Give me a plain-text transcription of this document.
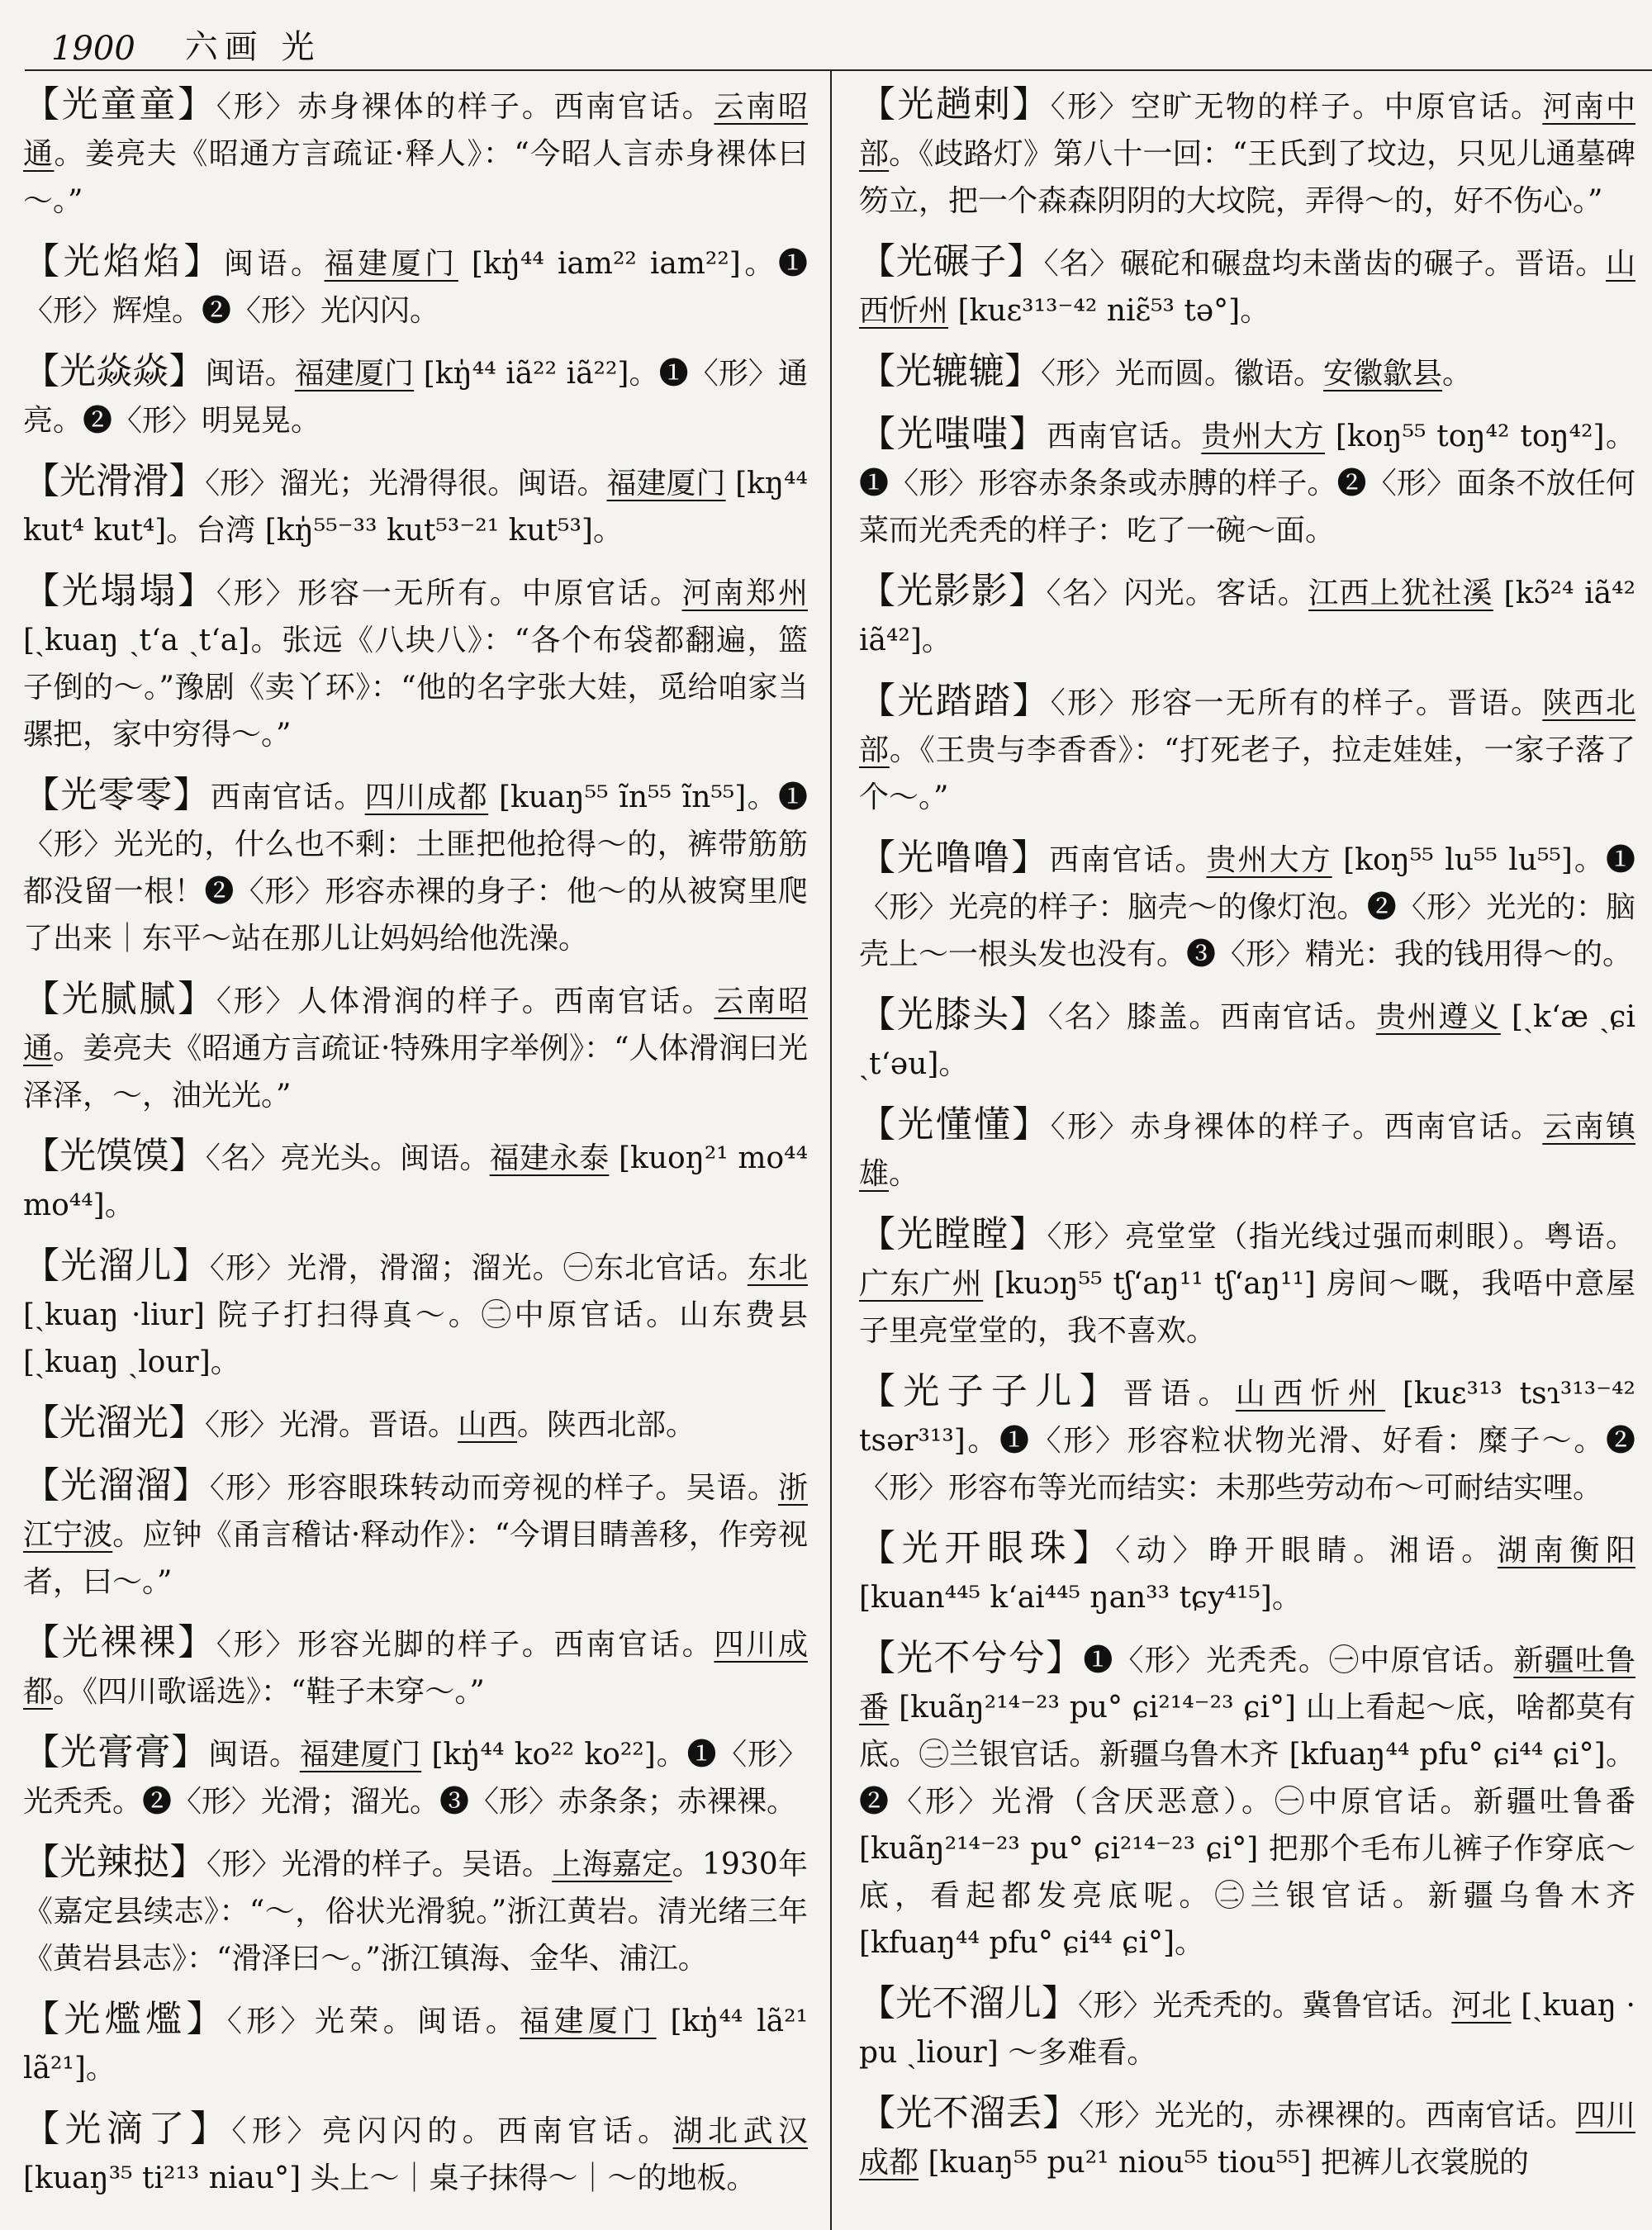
1900 六画 光

【光童童】〈形〉赤身裸体的样子。西南官话。云南昭通。姜亮夫《昭通方言疏证·释人》：“今昭人言赤身裸体曰～。”

【光焰焰】闽语。福建厦门 [kŋ̍⁴⁴ iam²² iam²²]。❶〈形〉辉煌。❷〈形〉光闪闪。

【光焱焱】闽语。福建厦门 [kŋ̍⁴⁴ iã²² iã²²]。❶〈形〉通亮。❷〈形〉明晃晃。

【光滑滑】〈形〉溜光；光滑得很。闽语。福建厦门 [kŋ⁴⁴ kut⁴ kut⁴]。台湾 [kŋ̍⁵⁵⁻³³ kut⁵³⁻²¹ kut⁵³]。

【光塌塌】〈形〉形容一无所有。中原官话。河南郑州 [ˏkuaŋ ˏt‘a ˏt‘a]。张远《八块八》：“各个布袋都翻遍，篮子倒的～。”豫剧《卖丫环》：“他的名字张大娃，觅给咱家当骡把，家中穷得～。”

【光零零】西南官话。四川成都 [kuaŋ⁵⁵ ĩn⁵⁵ ĩn⁵⁵]。❶〈形〉光光的，什么也不剩：土匪把他抢得～的，裤带筋筋都没留一根！❷〈形〉形容赤裸的身子：他～的从被窝里爬了出来｜东平～站在那儿让妈妈给他洗澡。

【光腻腻】〈形〉人体滑润的样子。西南官话。云南昭通。姜亮夫《昭通方言疏证·特殊用字举例》：“人体滑润曰光泽泽，～，油光光。”

【光馍馍】〈名〉亮光头。闽语。福建永泰 [kuoŋ²¹ mo⁴⁴ mo⁴⁴]。

【光溜儿】〈形〉光滑，滑溜；溜光。㊀东北官话。东北 [ˏkuaŋ ·liur] 院子打扫得真～。㊁中原官话。山东费县 [ˏkuaŋ ˏlour]。

【光溜光】〈形〉光滑。晋语。山西。陕西北部。

【光溜溜】〈形〉形容眼珠转动而旁视的样子。吴语。浙江宁波。应钟《甬言稽诂·释动作》：“今谓目睛善移，作旁视者，曰～。”

【光裸裸】〈形〉形容光脚的样子。西南官话。四川成都。《四川歌谣选》：“鞋子未穿～。”

【光膏膏】闽语。福建厦门 [kŋ̍⁴⁴ ko²² ko²²]。❶〈形〉光秃秃。❷〈形〉光滑；溜光。❸〈形〉赤条条；赤裸裸。

【光辣挞】〈形〉光滑的样子。吴语。上海嘉定。1930年《嘉定县续志》：“～，俗状光滑貌。”浙江黄岩。清光绪三年《黄岩县志》：“滑泽曰～。”浙江镇海、金华、浦江。

【光爁爁】〈形〉光荣。闽语。福建厦门 [kŋ̍⁴⁴ lã²¹ lã²¹]。

【光滴了】〈形〉亮闪闪的。西南官话。湖北武汉 [kuaŋ³⁵ ti²¹³ niau°] 头上～｜桌子抹得～｜～的地板。

【光趟剌】〈形〉空旷无物的样子。中原官话。河南中部。《歧路灯》第八十一回：“王氏到了坟边，只见儿通墓碑笏立，把一个森森阴阴的大坟院，弄得～的，好不伤心。”

【光碾子】〈名〉碾砣和碾盘均未凿齿的碾子。晋语。山西忻州 [kuɛ³¹³⁻⁴² niɛ̃⁵³ tə°]。

【光辘辘】〈形〉光而圆。徽语。安徽歙县。

【光嗤嗤】西南官话。贵州大方 [koŋ⁵⁵ toŋ⁴² toŋ⁴²]。❶〈形〉形容赤条条或赤膊的样子。❷〈形〉面条不放任何菜而光秃秃的样子：吃了一碗～面。

【光影影】〈名〉闪光。客话。江西上犹社溪 [kɔ̃²⁴ iã⁴² iã⁴²]。

【光踏踏】〈形〉形容一无所有的样子。晋语。陕西北部。《王贵与李香香》：“打死老子，拉走娃娃，一家子落了个～。”

【光噜噜】西南官话。贵州大方 [koŋ⁵⁵ lu⁵⁵ lu⁵⁵]。❶〈形〉光亮的样子：脑壳～的像灯泡。❷〈形〉光光的：脑壳上～一根头发也没有。❸〈形〉精光：我的钱用得～的。

【光膝头】〈名〉膝盖。西南官话。贵州遵义 [ˏk‘æ ˏɕi ˏt‘əu]。

【光懂懂】〈形〉赤身裸体的样子。西南官话。云南镇雄。

【光瞠瞠】〈形〉亮堂堂（指光线过强而刺眼）。粤语。广东广州 [kuɔŋ⁵⁵ tʃ‘aŋ¹¹ tʃ‘aŋ¹¹] 房间～嘅，我唔中意屋子里亮堂堂的，我不喜欢。

【光子子儿】晋语。山西忻州 [kuɛ³¹³ tsɿ³¹³⁻⁴² tsər³¹³]。❶〈形〉形容粒状物光滑、好看：糜子～。❷〈形〉形容布等光而结实：未那些劳动布～可耐结实哩。

【光开眼珠】〈动〉睁开眼睛。湘语。湖南衡阳 [kuan⁴⁴⁵ k‘ai⁴⁴⁵ ŋan³³ tɕy⁴¹⁵]。

【光不兮兮】❶〈形〉光秃秃。㊀中原官话。新疆吐鲁番 [kuãŋ²¹⁴⁻²³ pu° ɕi²¹⁴⁻²³ ɕi°] 山上看起～底，啥都莫有底。㊁兰银官话。新疆乌鲁木齐 [kfuaŋ⁴⁴ pfu° ɕi⁴⁴ ɕi°]。❷〈形〉光滑（含厌恶意）。㊀中原官话。新疆吐鲁番 [kuãŋ²¹⁴⁻²³ pu° ɕi²¹⁴⁻²³ ɕi°] 把那个毛布儿裤子作穿底～底，看起都发亮底呢。㊁兰银官话。新疆乌鲁木齐 [kfuaŋ⁴⁴ pfu° ɕi⁴⁴ ɕi°]。

【光不溜儿】〈形〉光秃秃的。冀鲁官话。河北 [ˏkuaŋ · pu ˏliour] ～多难看。

【光不溜丢】〈形〉光光的，赤裸裸的。西南官话。四川成都 [kuaŋ⁵⁵ pu²¹ niou⁵⁵ tiou⁵⁵] 把裤儿衣裳脱的
